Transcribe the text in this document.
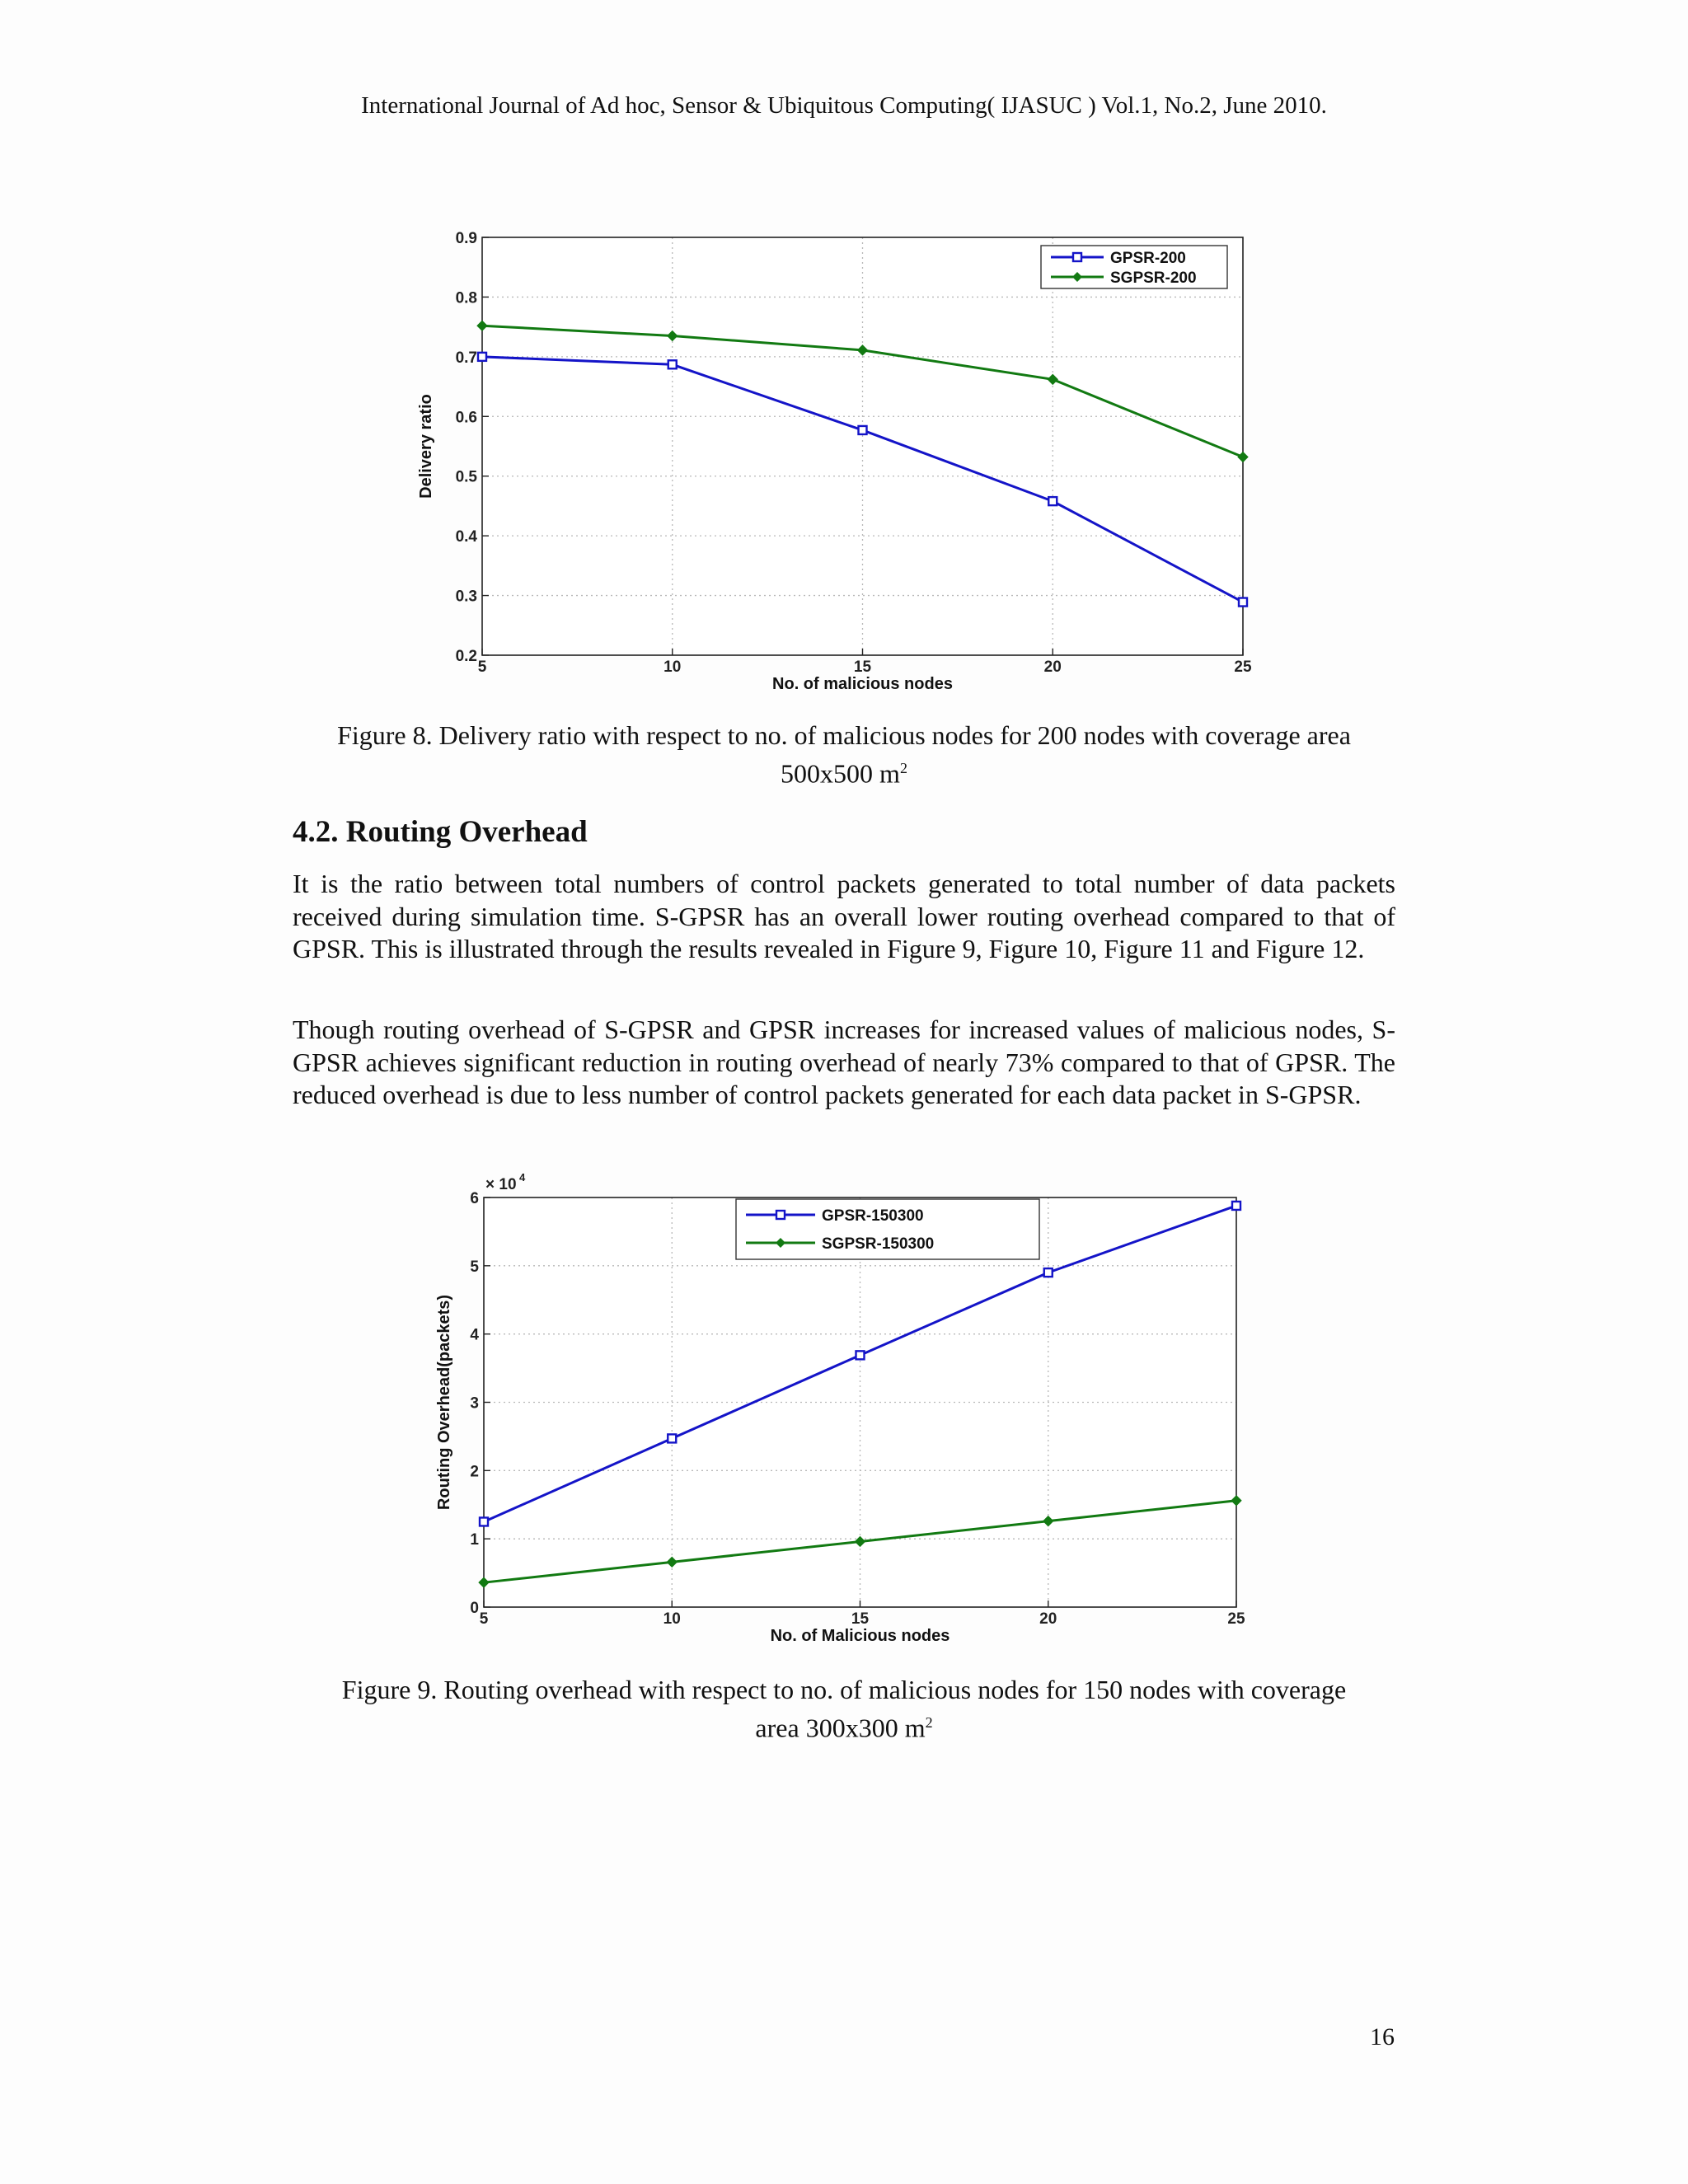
International Journal of Ad hoc, Sensor & Ubiquitous Computing( IJASUC ) Vol.1, No.2, June 2010.
5	10	15	20	25
0.2
0.3
0.4
0.5
0.6
0.7
0.8
0.9
No. of malicious nodes
Delivery ratio
GPSR-200
SGPSR-200
Figure 8. Delivery ratio with respect to no. of malicious nodes for 200 nodes with coverage area
500x500 $m^2$
4.2. Routing Overhead

It is the ratio between total numbers of control packets generated to total number of data packets received during simulation time. S-GPSR has an overall lower routing overhead compared to that of GPSR. This is illustrated through the results revealed in Figure 9, Figure 10, Figure 11 and Figure 12.

Though routing overhead of S-GPSR and GPSR increases for increased values of malicious nodes, S-GPSR achieves significant reduction in routing overhead of nearly 73% compared to that of GPSR. The reduced overhead is due to less number of control packets generated for each data packet in S-GPSR.

5	10	15	20	25
0
1
2
3
4
5
6
No. of Malicious nodes
Routing Overhead(packets)
× 10 4
GPSR-150300
SGPSR-150300
Figure 9. Routing overhead with respect to no. of malicious nodes for 150 nodes with coverage
area 300x300 $m^2$
16
